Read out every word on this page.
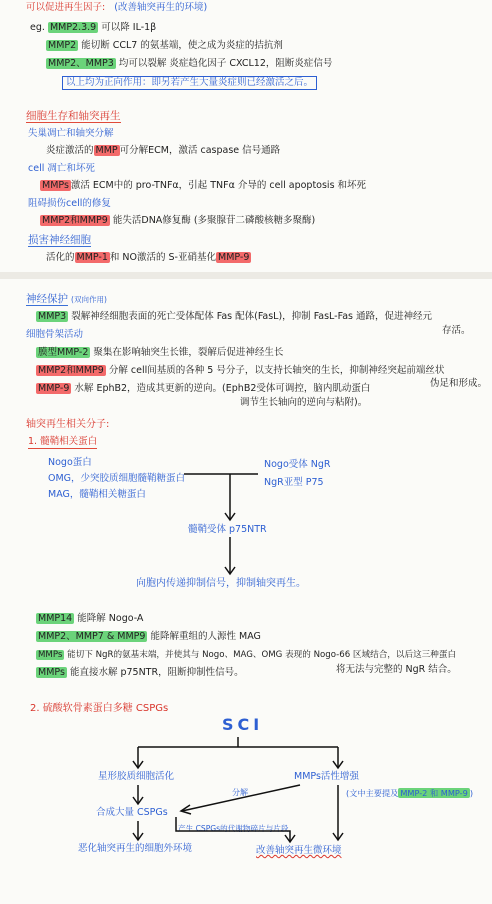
可以促进再生因子: (改善轴突再生的环境)
eg. MMP2.3.9 可以降 IL-1β
MMP2 能切断 CCL7 的氨基端，使之成为炎症的拮抗剂
MMP2、MMP3 均可以裂解 炎症趋化因子 CXCL12，阻断炎症信号
以上均为正向作用：即另若产生大量炎症则已经激活之后。
细胞生存和轴突再生
失巢凋亡和轴突分解
炎症激活的 MMP 可分解ECM，激活 caspase 信号通路
cell 凋亡和坏死
MMPs 激活 ECM中的 pro-TNFα，引起 TNFα 介导的 cell apoptosis 和坏死
阻碍损伤cell的修复
MMP2和MMP9 能失活DNA修复酶 (多聚腺苷二磷酸核糖多聚酶)
损害神经细胞
活化的 MMP-1 和 NO激活的 S-亚硝基化 MMP-9
神经保护 (双向作用)
MMP3 裂解神经细胞表面的死亡受体配体 Fas 配体(FasL)，抑制 FasL-Fas 通路，促进神经元
存活。
细胞骨架活动
膜型MMP-2 聚集在影响轴突生长锥，裂解后促进神经生长
MMP2和MMP9 分解 cell间基质的各种 5 号分子，以支持长轴突的生长，抑制神经突起前端丝状
伪足和形成。
MMP-9 水解 EphB2，造成其更新的逆向。(EphB2受体可调控，脑内肌动蛋白
调节生长轴向的逆向与粘附)。
轴突再生相关分子:
1. 髓鞘相关蛋白
Nogo蛋白
OMG，少突胶质细胞髓鞘糖蛋白
MAG，髓鞘相关糖蛋白
Nogo受体 NgR
NgR亚型 P75
髓鞘受体 p75NTR
向胞内传递抑制信号，抑制轴突再生。
MMP14 能降解 Nogo-A
MMP2、MMP7 & MMP9 能降解重组的人源性 MAG
MMPs 能切下 NgR的氨基末端，并使其与 Nogo、MAG、OMG 表现的 Nogo-66 区域结合，以后这三种蛋白
将无法与完整的 NgR 结合。
MMPs 能直接水解 p75NTR，阻断抑制性信号。
2. 硫酸软骨素蛋白多糖 CSPGs
SCI
星形胶质细胞活化
分解
MMPs活性增强
(文中主要提及 MMP-2 和 MMP-9 )
合成大量 CSPGs
产生 CSPGs的代谢物碎片与片段
恶化轴突再生的细胞外环境	改善轴突再生微环境
